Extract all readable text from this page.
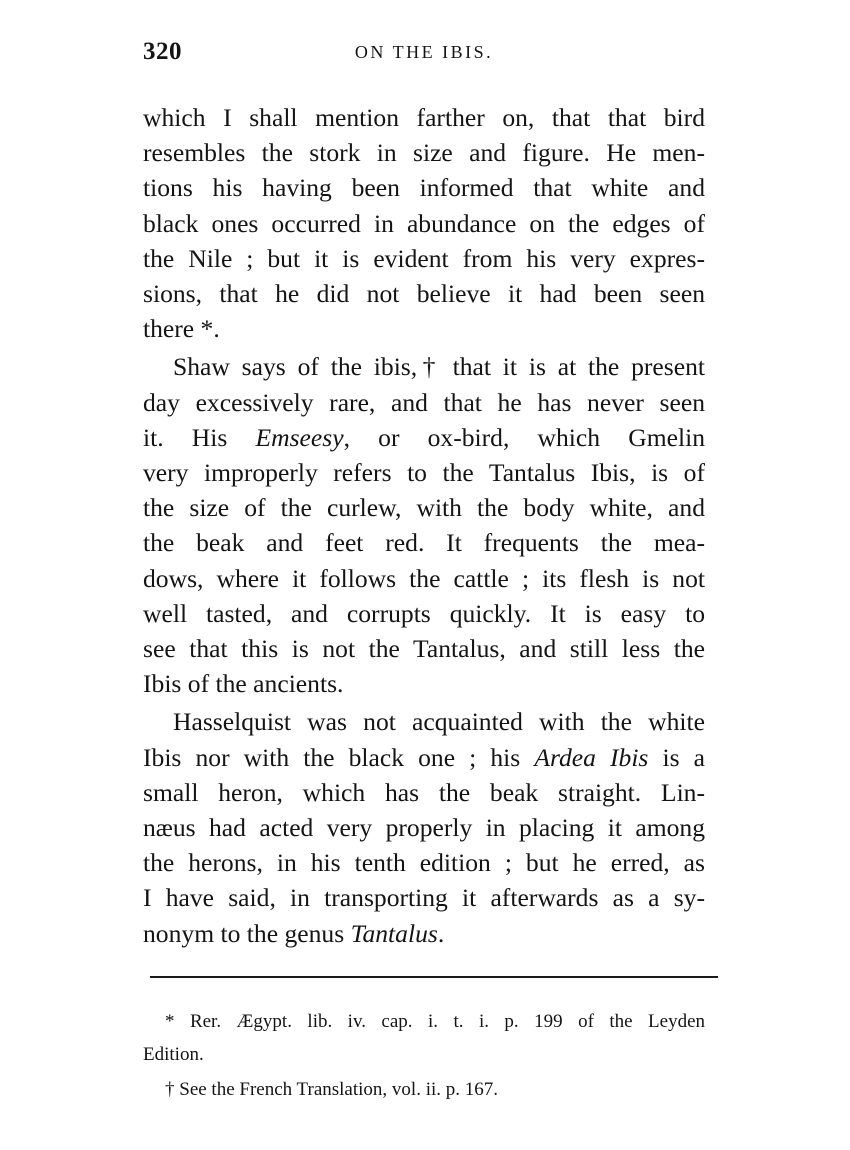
320	ON THE IBIS.

which I shall mention farther on, that that bird
resembles the stork in size and figure. He men-
tions his having been informed that white and
black ones occurred in abundance on the edges of
the Nile ; but it is evident from his very expres-
sions, that he did not believe it had been seen
there *.

Shaw says of the ibis,† that it is at the present
day excessively rare, and that he has never seen
it. His Emseesy, or ox-bird, which Gmelin
very improperly refers to the Tantalus Ibis, is of
the size of the curlew, with the body white, and
the beak and feet red. It frequents the mea-
dows, where it follows the cattle ; its flesh is not
well tasted, and corrupts quickly. It is easy to
see that this is not the Tantalus, and still less the
Ibis of the ancients.

Hasselquist was not acquainted with the white
Ibis nor with the black one ; his Ardea Ibis is a
small heron, which has the beak straight. Lin-
næus had acted very properly in placing it among
the herons, in his tenth edition ; but he erred, as
I have said, in transporting it afterwards as a sy-
nonym to the genus Tantalus.

* Rer. Ægypt. lib. iv. cap. i. t. i. p. 199 of the Leyden
Edition.

† See the French Translation, vol. ii. p. 167.
